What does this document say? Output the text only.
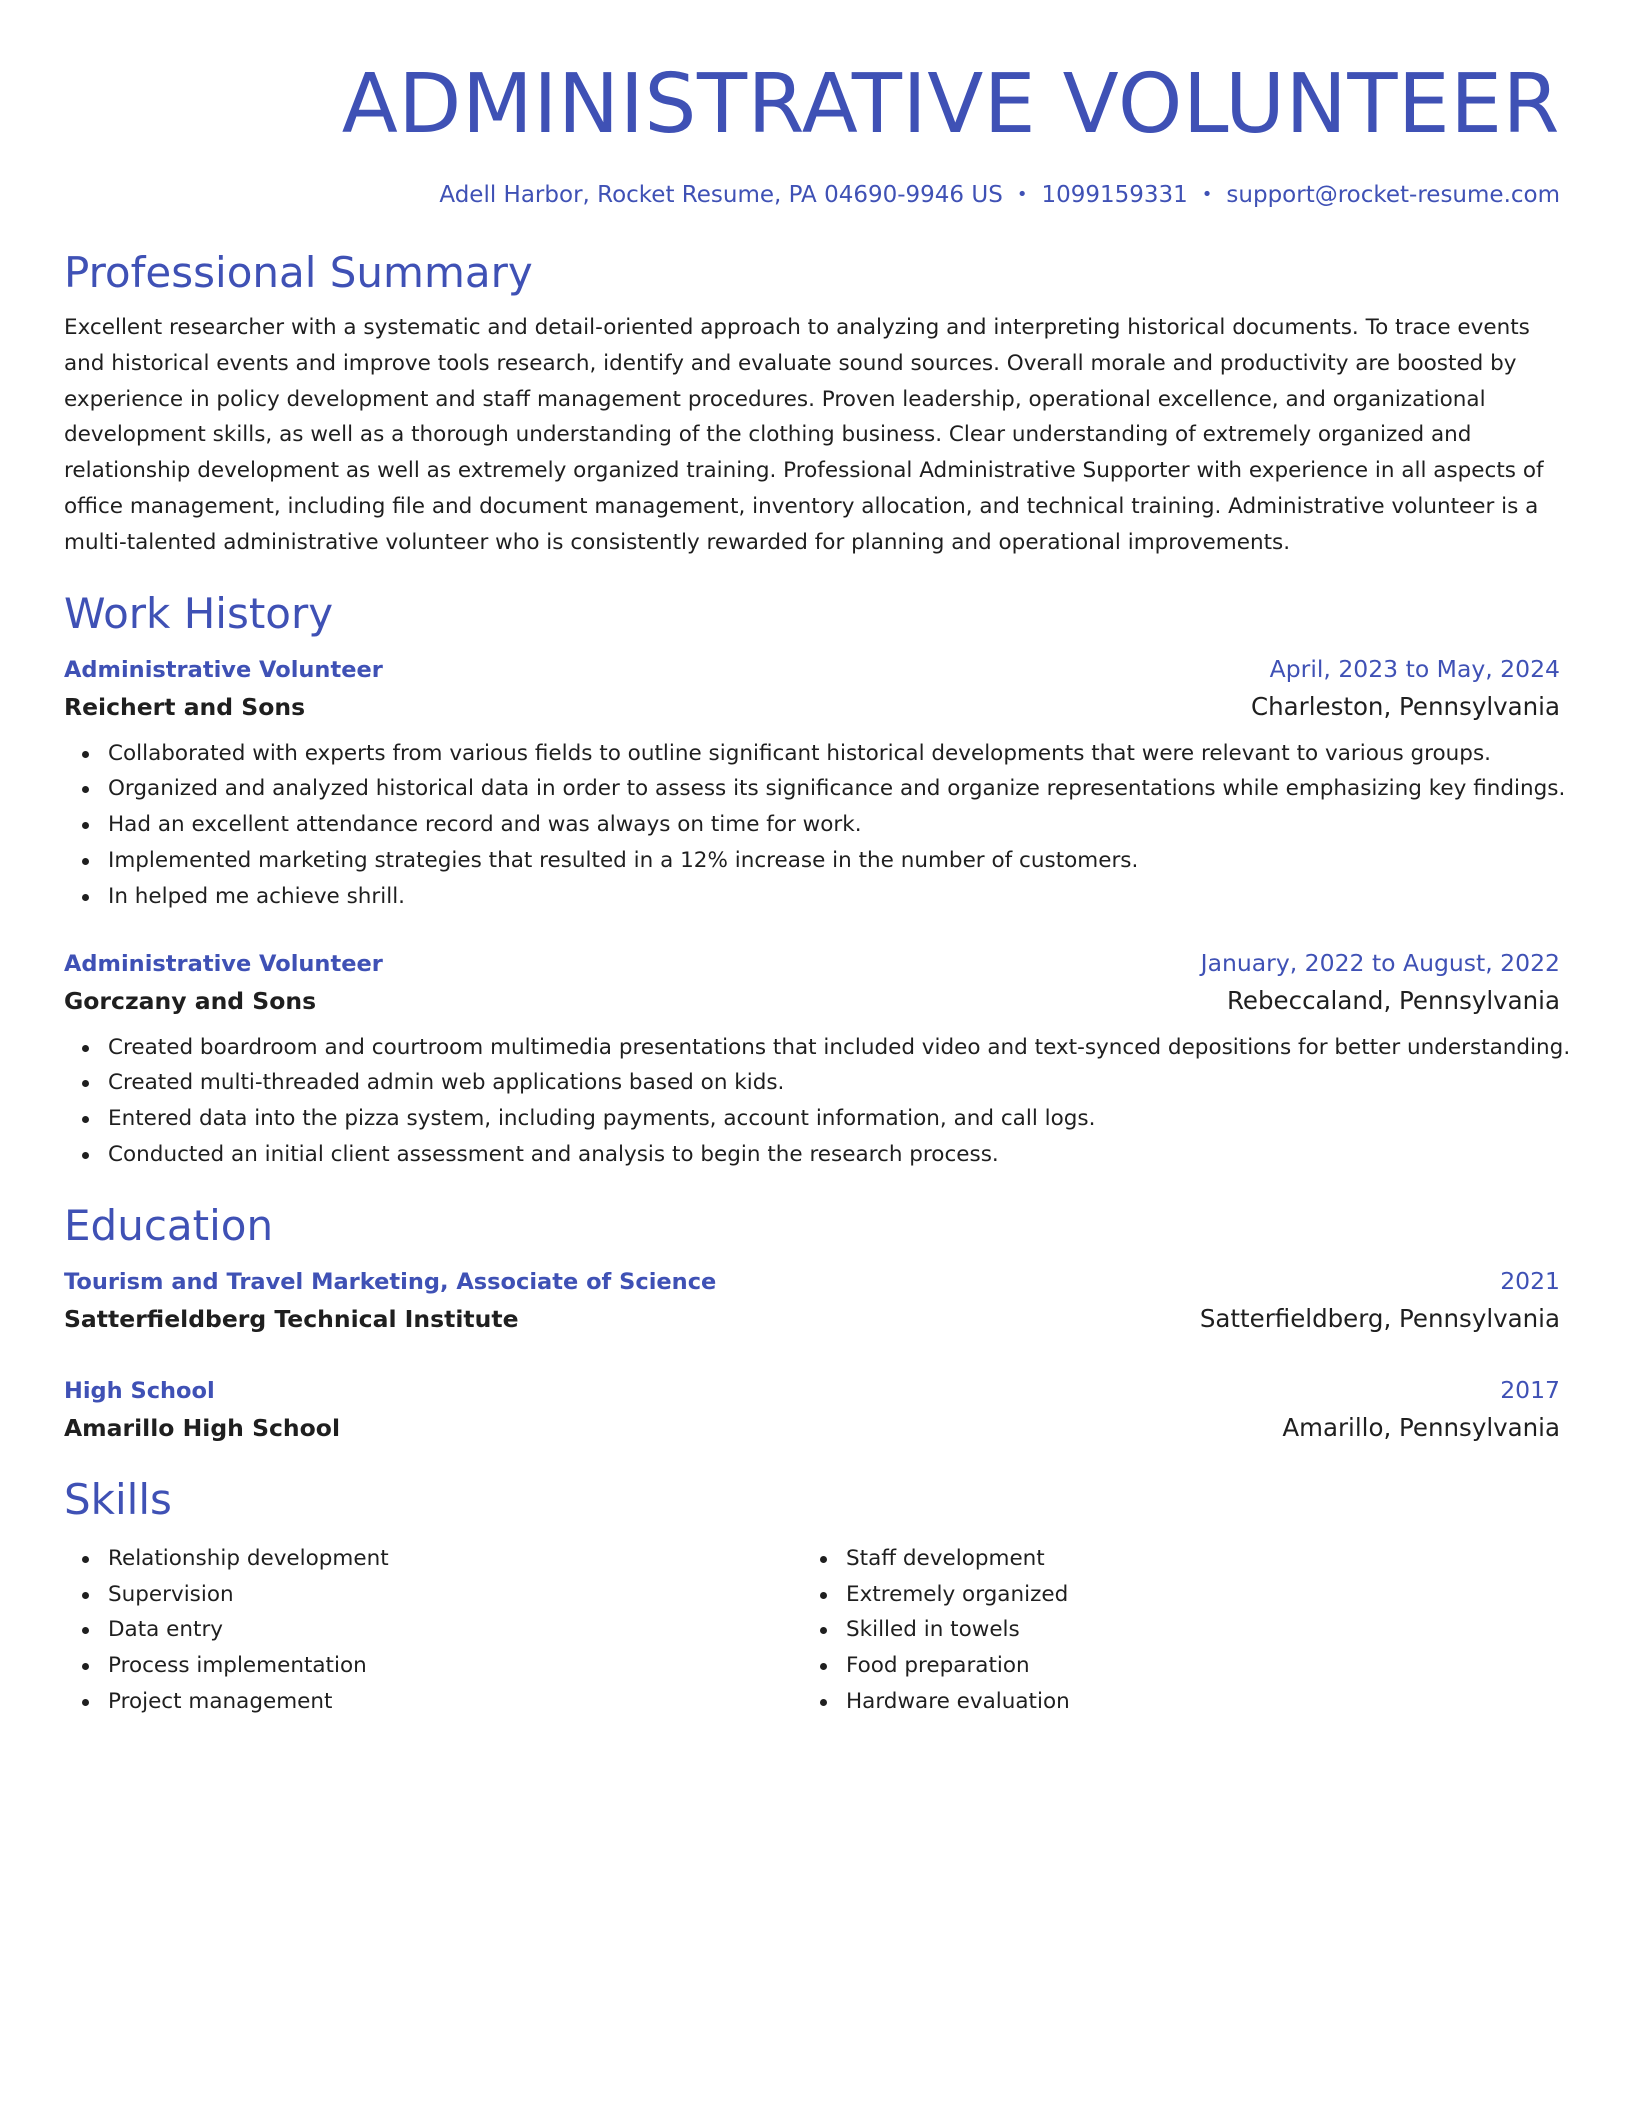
ADMINISTRATIVE VOLUNTEER
Adell Harbor, Rocket Resume, PA 04690-9946 US • 1099159331 • support@rocket-resume.com
Professional Summary

Excellent researcher with a systematic and detail-oriented approach to analyzing and interpreting historical documents. To trace events and historical events and improve tools research, identify and evaluate sound sources. Overall morale and productivity are boosted by experience in policy development and staff management procedures. Proven leadership, operational excellence, and organizational development skills, as well as a thorough understanding of the clothing business. Clear understanding of extremely organized and relationship development as well as extremely organized training. Professional Administrative Supporter with experience in all aspects of office management, including file and document management, inventory allocation, and technical training. Administrative volunteer is a multi-talented administrative volunteer who is consistently rewarded for planning and operational improvements.

Work History
Administrative Volunteer	April, 2023 to May, 2024
Reichert and Sons	Charleston, Pennsylvania
Collaborated with experts from various fields to outline significant historical developments that were relevant to various groups.
Organized and analyzed historical data in order to assess its significance and organize representations while emphasizing key findings.
Had an excellent attendance record and was always on time for work.
Implemented marketing strategies that resulted in a 12% increase in the number of customers.
In helped me achieve shrill.
Administrative Volunteer	January, 2022 to August, 2022
Gorczany and Sons	Rebeccaland, Pennsylvania
Created boardroom and courtroom multimedia presentations that included video and text-synced depositions for better understanding.
Created multi-threaded admin web applications based on kids.
Entered data into the pizza system, including payments, account information, and call logs.
Conducted an initial client assessment and analysis to begin the research process.
Education
Tourism and Travel Marketing, Associate of Science	2021
Satterfieldberg Technical Institute	Satterfieldberg, Pennsylvania
High School	2017
Amarillo High School	Amarillo, Pennsylvania
Skills
Relationship development
Supervision
Data entry
Process implementation
Project management
Staff development
Extremely organized
Skilled in towels
Food preparation
Hardware evaluation
